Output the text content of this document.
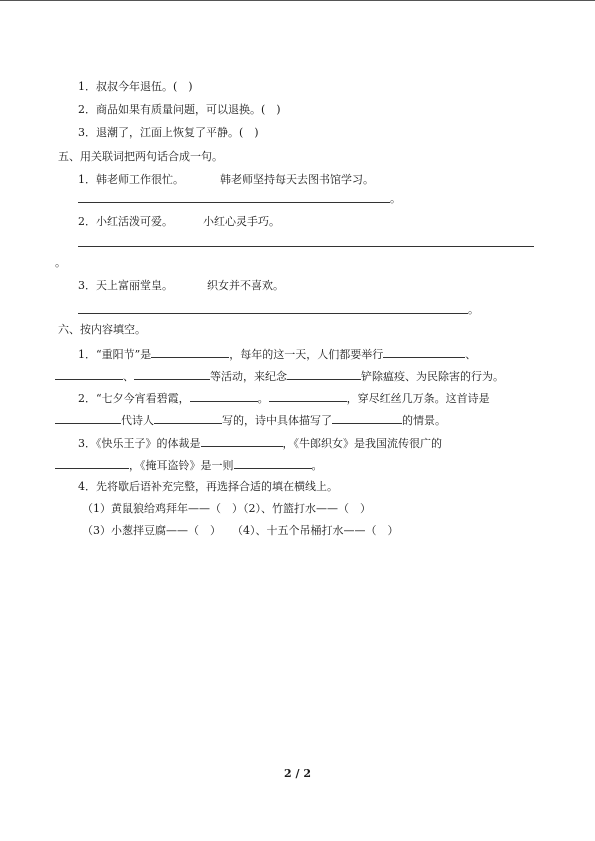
1．叔叔今年退伍。(　)
2．商品如果有质量问题，可以退换。(　)
3．退潮了，江面上恢复了平静。(　)
五、用关联词把两句话合成一句。
1．韩老师工作很忙。	韩老师坚持每天去图书馆学习。
。
2．小红活泼可爱。	小红心灵手巧。
。
3．天上富丽堂皇。	织女并不喜欢。
。
六、按内容填空。
1．“重阳节”是	，每年的这一天，人们都要举行	、
、	等活动，来纪念	铲除瘟疫、为民除害的行为。
2．“七夕今宵看碧霞，	。	，穿尽红丝几万条。这首诗是
代诗人	写的，诗中具体描写了	的情景。
3．《快乐王子》的体裁是	，《牛郎织女》是我国流传很广的
，《掩耳盗铃》是一则	。
4．先将歇后语补充完整，再选择合适的填在横线上。
（1）黄鼠狼给鸡拜年——（　）（2）、竹篮打水——（　）
（3）小葱拌豆腐——（　）　　（4）、十五个吊桶打水——（　）
2 / 2
